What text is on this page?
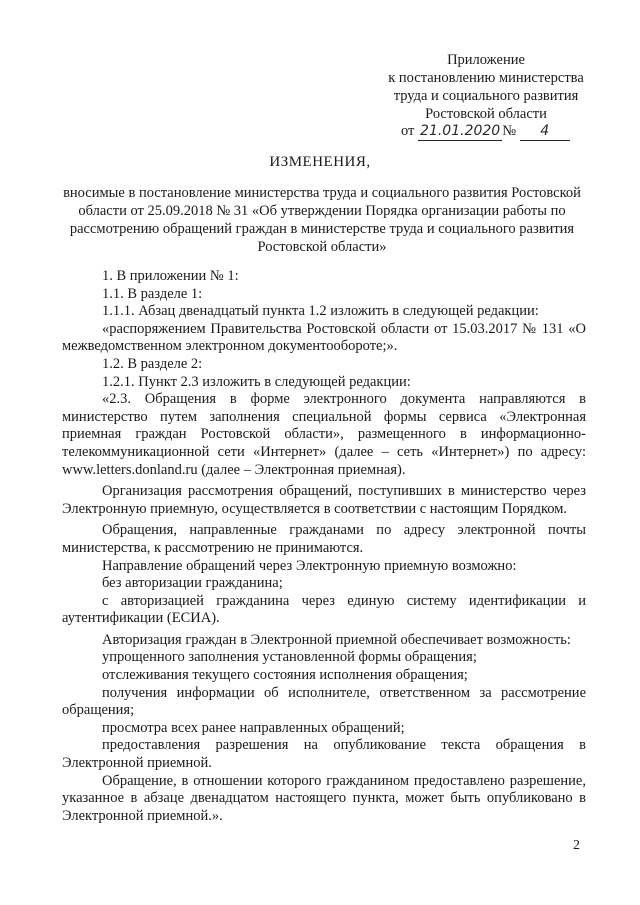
Приложение
к постановлению министерства
труда и социального развития
Ростовской области
от 21.01.2020 № 4
ИЗМЕНЕНИЯ,
вносимые в постановление министерства труда и социального развития Ростовской области от 25.09.2018 № 31 «Об утверждении Порядка организации работы по рассмотрению обращений граждан в министерстве труда и социального развития Ростовской области»

1. В приложении № 1:

1.1. В разделе 1:

1.1.1. Абзац двенадцатый пункта 1.2 изложить в следующей редакции:

«распоряжением Правительства Ростовской области от 15.03.2017 № 131 «О межведомственном электронном документообороте;».

1.2. В разделе 2:

1.2.1. Пункт 2.3 изложить в следующей редакции:

«2.3. Обращения в форме электронного документа направляются в министерство путем заполнения специальной формы сервиса «Электронная приемная граждан Ростовской области», размещенного в информационно-телекоммуникационной сети «Интернет» (далее – сеть «Интернет») по адресу: www.letters.donland.ru (далее – Электронная приемная).

Организация рассмотрения обращений, поступивших в министерство через Электронную приемную, осуществляется в соответствии с настоящим Порядком.

Обращения, направленные гражданами по адресу электронной почты министерства, к рассмотрению не принимаются.

Направление обращений через Электронную приемную возможно:

без авторизации гражданина;

с авторизацией гражданина через единую систему идентификации и аутентификации (ЕСИА).

Авторизация граждан в Электронной приемной обеспечивает возможность:

упрощенного заполнения установленной формы обращения;

отслеживания текущего состояния исполнения обращения;

получения информации об исполнителе, ответственном за рассмотрение обращения;

просмотра всех ранее направленных обращений;

предоставления разрешения на опубликование текста обращения в Электронной приемной.

Обращение, в отношении которого гражданином предоставлено разрешение, указанное в абзаце двенадцатом настоящего пункта, может быть опубликовано в Электронной приемной.».

2
